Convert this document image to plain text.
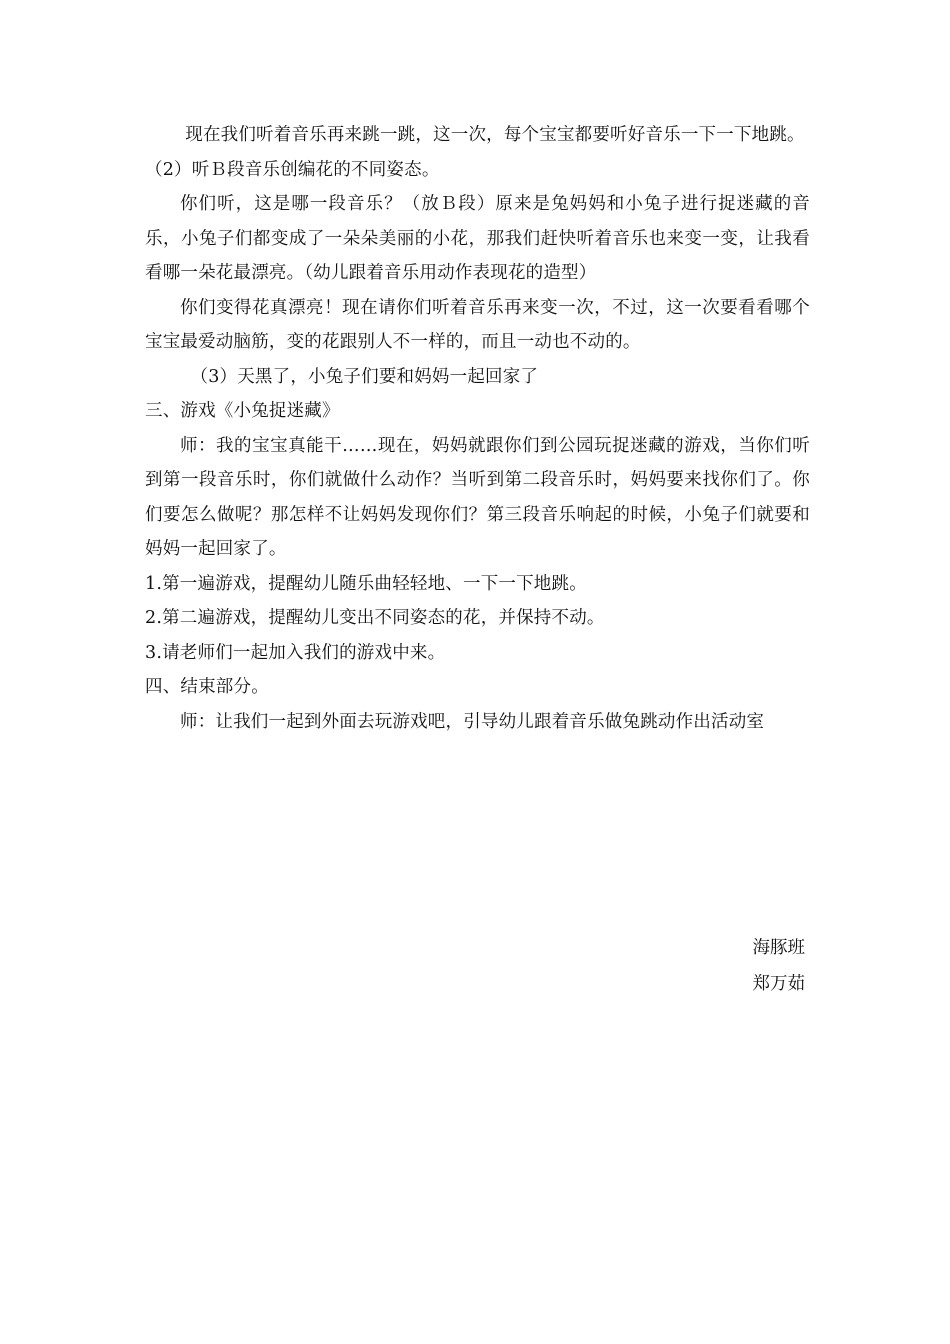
现在我们听着音乐再来跳一跳，这一次，每个宝宝都要听好音乐一下一下地跳。

（2）听Ｂ段音乐创编花的不同姿态。

你们听，这是哪一段音乐？（放Ｂ段）原来是兔妈妈和小兔子进行捉迷藏的音乐，小兔子们都变成了一朵朵美丽的小花，那我们赶快听着音乐也来变一变，让我看看哪一朵花最漂亮。（幼儿跟着音乐用动作表现花的造型）

你们变得花真漂亮！现在请你们听着音乐再来变一次，不过，这一次要看看哪个宝宝最爱动脑筋，变的花跟别人不一样的，而且一动也不动的。

（3）天黑了，小兔子们要和妈妈一起回家了

三、游戏《小兔捉迷藏》

师：我的宝宝真能干……现在，妈妈就跟你们到公园玩捉迷藏的游戏，当你们听到第一段音乐时，你们就做什么动作？当听到第二段音乐时，妈妈要来找你们了。你们要怎么做呢？那怎样不让妈妈发现你们？第三段音乐响起的时候，小兔子们就要和妈妈一起回家了。

1.第一遍游戏，提醒幼儿随乐曲轻轻地、一下一下地跳。

2.第二遍游戏，提醒幼儿变出不同姿态的花，并保持不动。

3.请老师们一起加入我们的游戏中来。

四、结束部分。

师：让我们一起到外面去玩游戏吧，引导幼儿跟着音乐做兔跳动作出活动室

海豚班
郑万茹
